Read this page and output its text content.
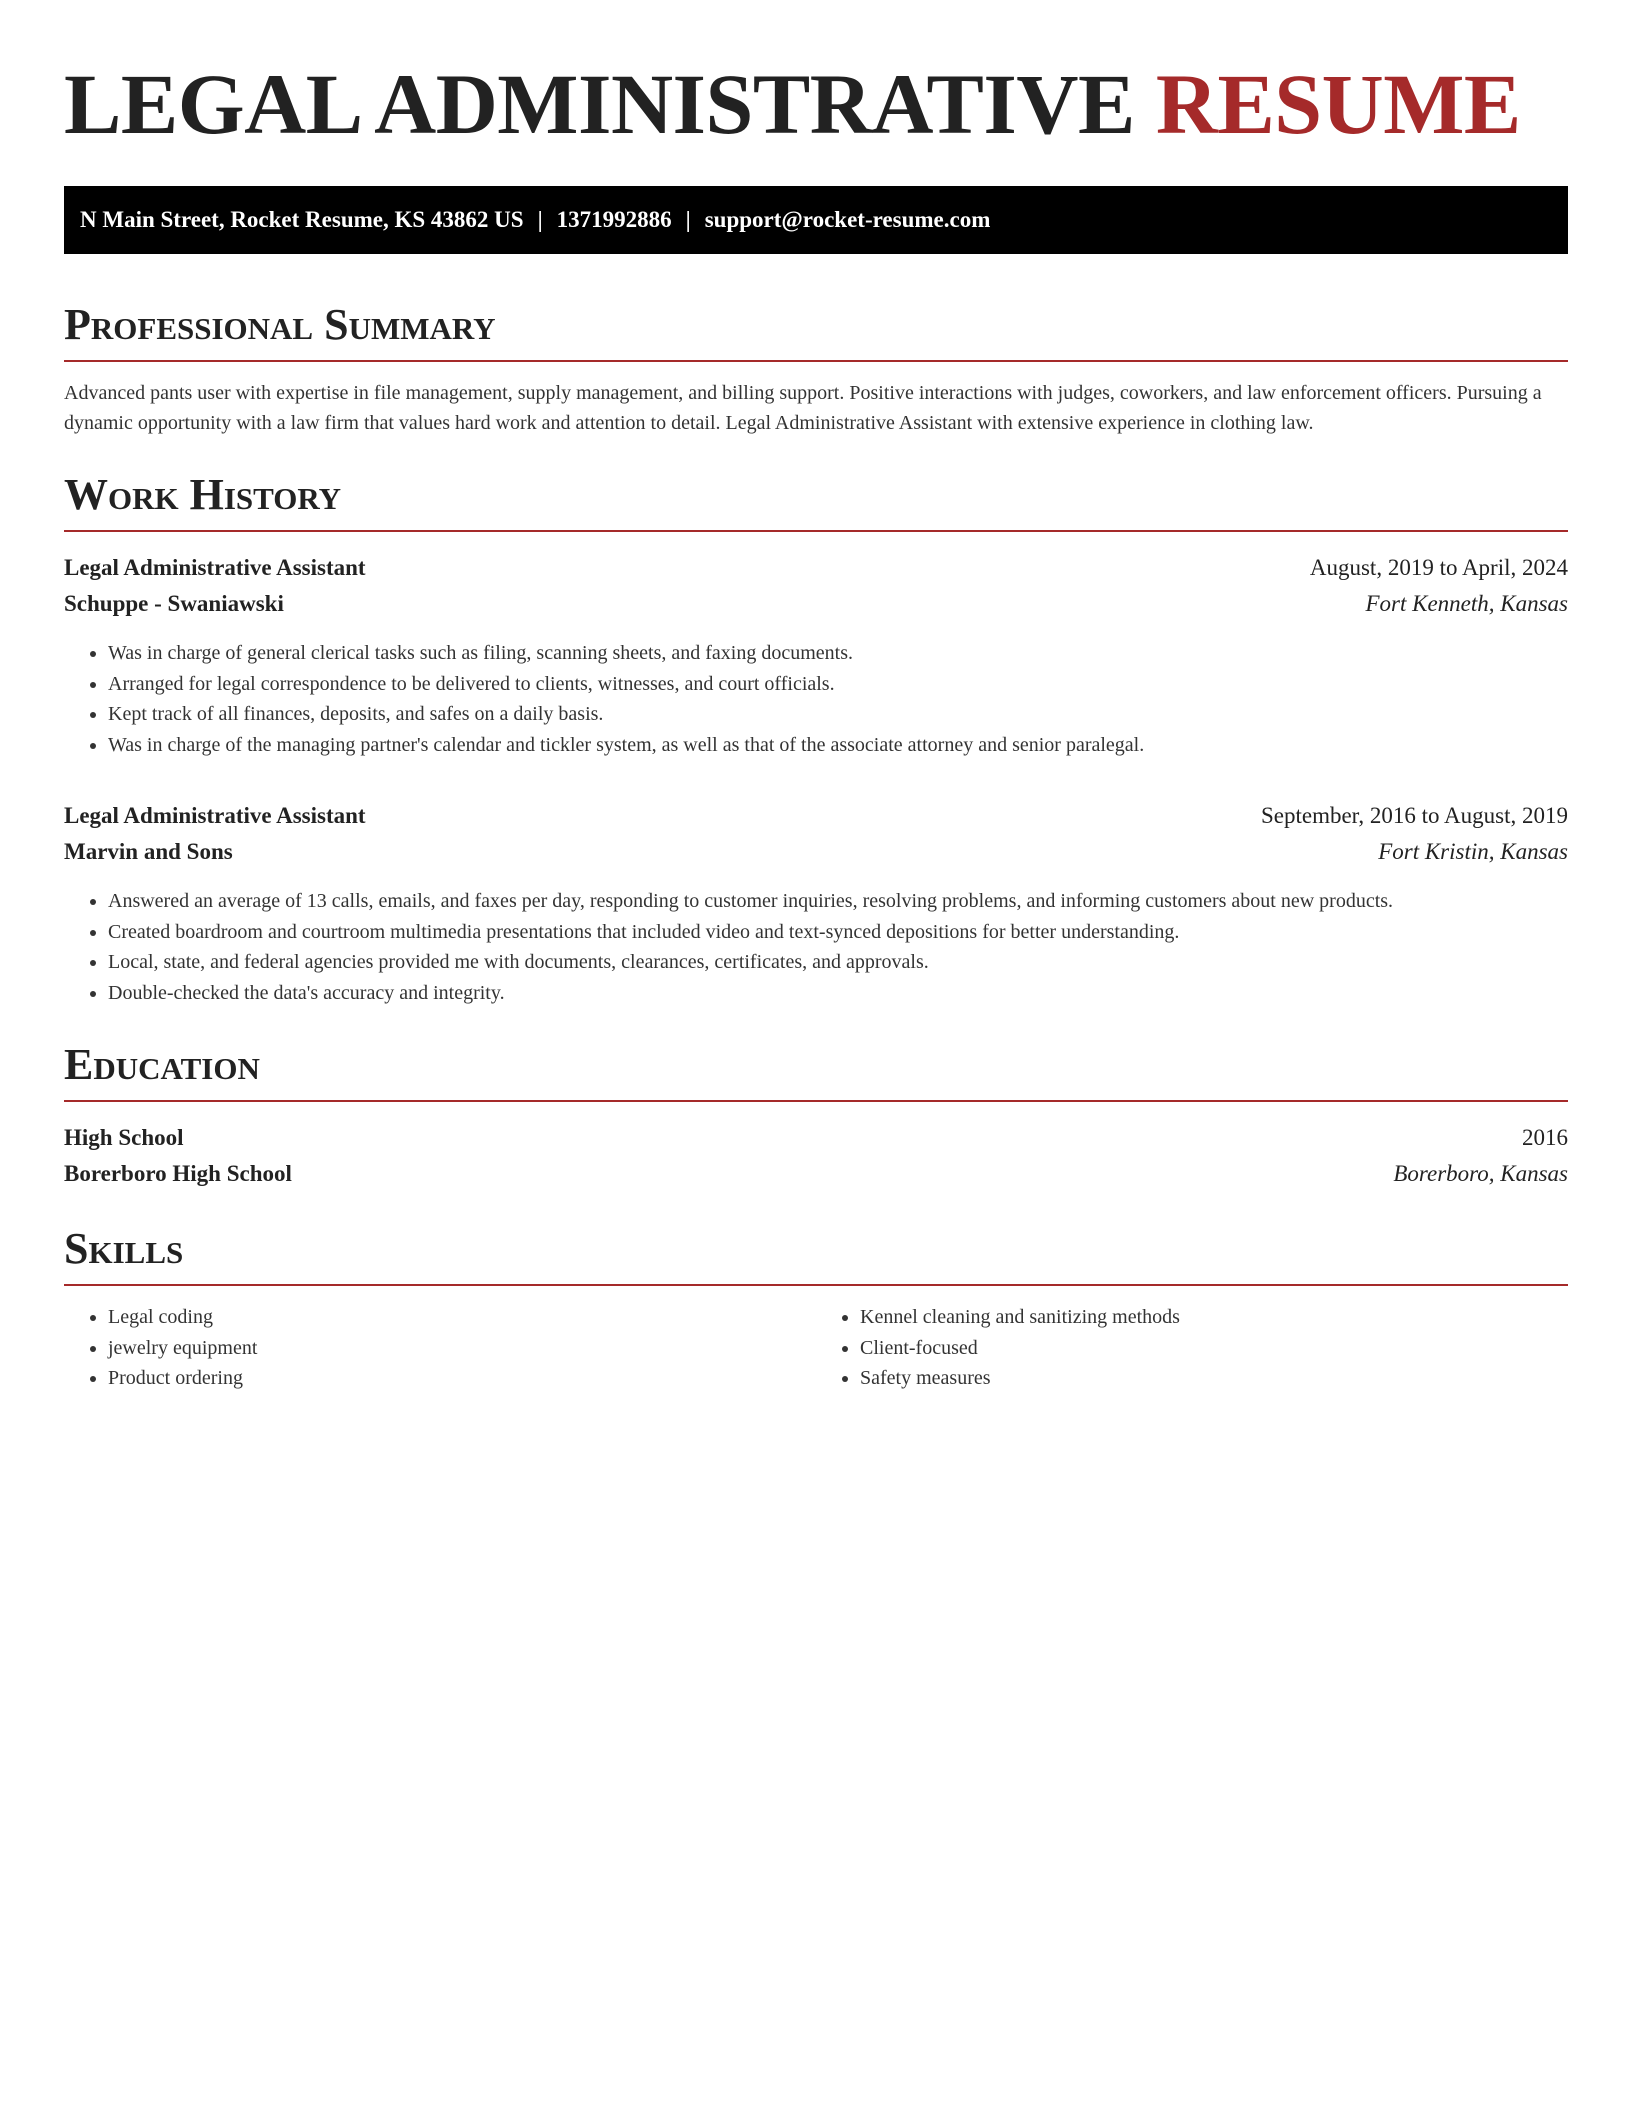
LEGAL ADMINISTRATIVE RESUME
N Main Street, Rocket Resume, KS 43862 US | 1371992886 | support@rocket-resume.com
Professional Summary

Advanced pants user with expertise in file management, supply management, and billing support. Positive interactions with judges, coworkers, and law enforcement officers. Pursuing a dynamic opportunity with a law firm that values hard work and attention to detail. Legal Administrative Assistant with extensive experience in clothing law.

Work History
Legal Administrative Assistant	August, 2019 to April, 2024
Schuppe - Swaniawski	Fort Kenneth, Kansas
• Was in charge of general clerical tasks such as filing, scanning sheets, and faxing documents.
• Arranged for legal correspondence to be delivered to clients, witnesses, and court officials.
• Kept track of all finances, deposits, and safes on a daily basis.
• Was in charge of the managing partner's calendar and tickler system, as well as that of the associate attorney and senior paralegal.
Legal Administrative Assistant	September, 2016 to August, 2019
Marvin and Sons	Fort Kristin, Kansas
• Answered an average of 13 calls, emails, and faxes per day, responding to customer inquiries, resolving problems, and informing customers about new products.
• Created boardroom and courtroom multimedia presentations that included video and text-synced depositions for better understanding.
• Local, state, and federal agencies provided me with documents, clearances, certificates, and approvals.
• Double-checked the data's accuracy and integrity.
Education
High School	2016
Borerboro High School	Borerboro, Kansas
Skills
• Legal coding
• jewelry equipment
• Product ordering
• Kennel cleaning and sanitizing methods
• Client-focused
• Safety measures
